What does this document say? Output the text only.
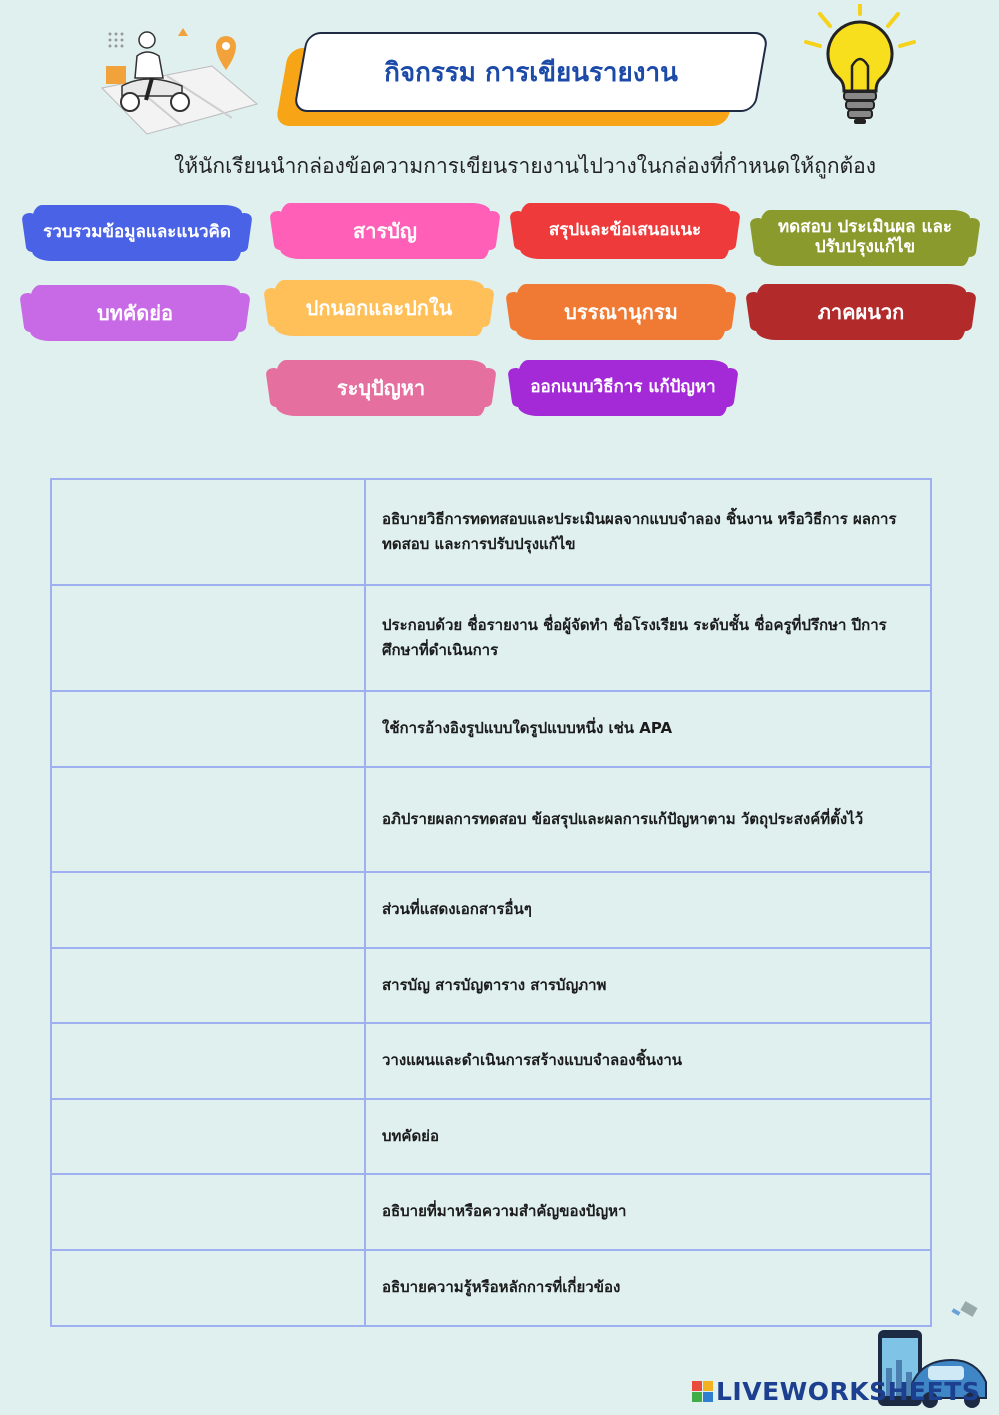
กิจกรรม การเขียนรายงาน
ให้นักเรียนนำกล่องข้อความการเขียนรายงานไปวางในกล่องที่กำหนดให้ถูกต้อง
รวบรวมข้อมูลและแนวคิด	สารบัญ	สรุปและข้อเสนอแนะ	ทดสอบ ประเมินผล และปรับปรุงแก้ไข
บทคัดย่อ	ปกนอกและปกใน	บรรณานุกรม	ภาคผนวก
ระบุปัญหา	ออกแบบวิธีการ แก้ปัญหา
	อธิบายวิธีการทดทสอบและประเมินผลจากแบบจำลอง ชิ้นงาน หรือวิธีการ ผลการทดสอบ และการปรับปรุงแก้ไข
	ประกอบด้วย ชื่อรายงาน ชื่อผู้จัดทำ ชื่อโรงเรียน ระดับชั้น ชื่อครูที่ปรึกษา ปีการศึกษาที่ดำเนินการ
	ใช้การอ้างอิงรูปแบบใดรูปแบบหนึ่ง เช่น APA
	อภิปรายผลการทดสอบ ข้อสรุปและผลการแก้ปัญหาตาม วัตถุประสงค์ที่ตั้งไว้
	ส่วนที่แสดงเอกสารอื่นๆ
	สารบัญ สารบัญตาราง สารบัญภาพ
	วางแผนและดำเนินการสร้างแบบจำลองชิ้นงาน
	บทคัดย่อ
	อธิบายที่มาหรือความสำคัญของปัญหา
	อธิบายความรู้หรือหลักการที่เกี่ยวข้อง
LIVEWORKSHEETS
